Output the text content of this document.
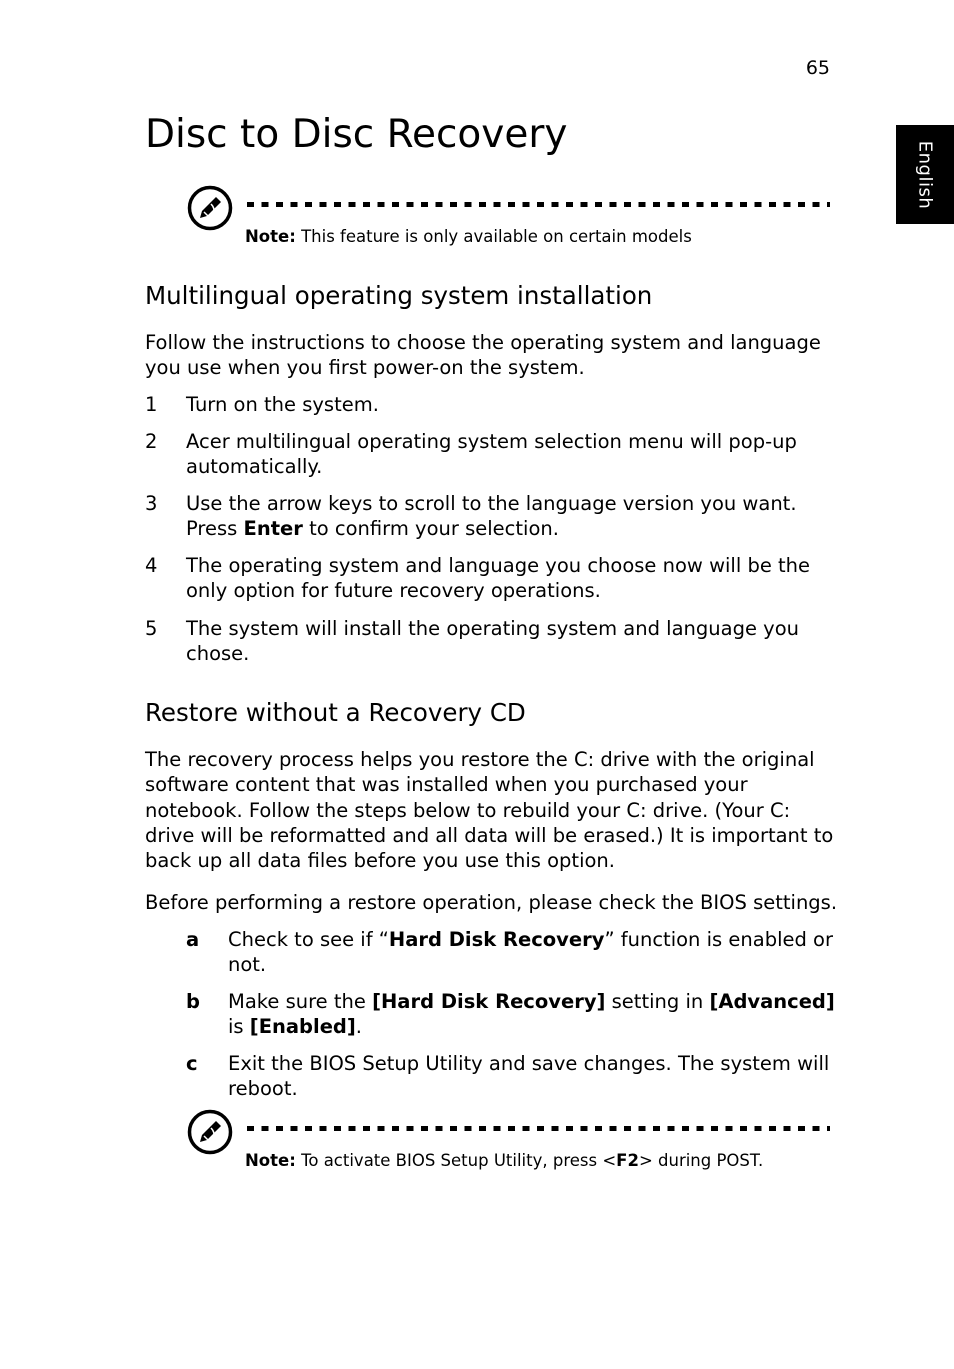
65
English
Disc to Disc Recovery
Note: This feature is only available on certain models
Multilingual operating system installation
Follow the instructions to choose the operating system and language
you use when you first power-on the system.
1 Turn on the system.
2 Acer multilingual operating system selection menu will pop-up
automatically.
3 Use the arrow keys to scroll to the language version you want.
Press Enter to confirm your selection.
4 The operating system and language you choose now will be the
only option for future recovery operations.
5 The system will install the operating system and language you
chose.
Restore without a Recovery CD
The recovery process helps you restore the C: drive with the original
software content that was installed when you purchased your
notebook. Follow the steps below to rebuild your C: drive. (Your C:
drive will be reformatted and all data will be erased.) It is important to
back up all data files before you use this option.
Before performing a restore operation, please check the BIOS settings.
a Check to see if “Hard Disk Recovery” function is enabled or
not.
b Make sure the [Hard Disk Recovery] setting in [Advanced]
is [Enabled].
c Exit the BIOS Setup Utility and save changes. The system will
reboot.
Note: To activate BIOS Setup Utility, press <F2> during POST.
